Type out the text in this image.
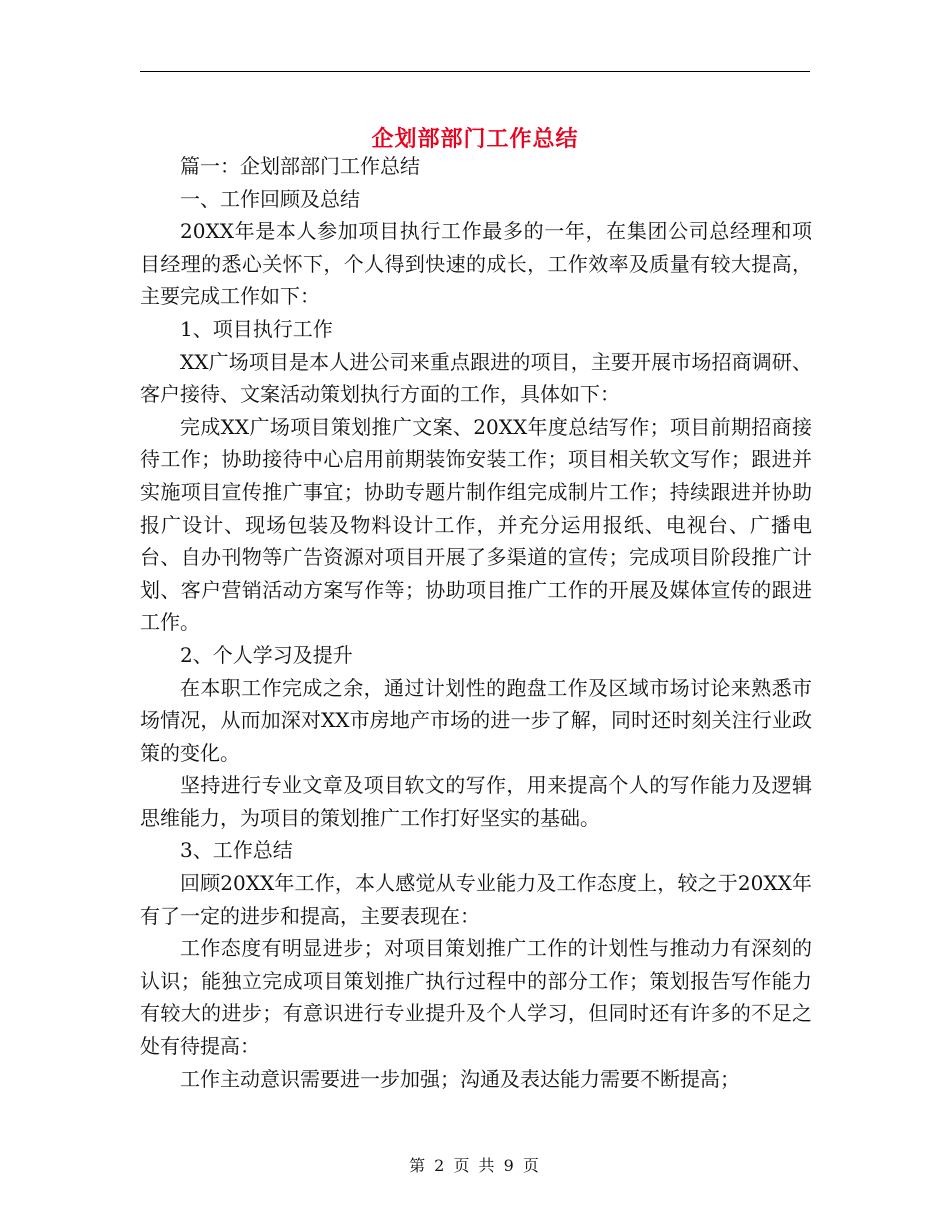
企划部部门工作总结

篇一：企划部部门工作总结

一、工作回顾及总结

20XX年是本人参加项目执行工作最多的一年，在集团公司总经理和项目经理的悉心关怀下，个人得到快速的成长，工作效率及质量有较大提高，主要完成工作如下：

1、项目执行工作

XX广场项目是本人进公司来重点跟进的项目，主要开展市场招商调研、客户接待、文案活动策划执行方面的工作，具体如下：

完成XX广场项目策划推广文案、20XX年度总结写作；项目前期招商接待工作；协助接待中心启用前期装饰安装工作；项目相关软文写作；跟进并实施项目宣传推广事宜；协助专题片制作组完成制片工作；持续跟进并协助报广设计、现场包装及物料设计工作，并充分运用报纸、电视台、广播电台、自办刊物等广告资源对项目开展了多渠道的宣传；完成项目阶段推广计划、客户营销活动方案写作等；协助项目推广工作的开展及媒体宣传的跟进工作。

2、个人学习及提升

在本职工作完成之余，通过计划性的跑盘工作及区域市场讨论来熟悉市场情况，从而加深对XX市房地产市场的进一步了解，同时还时刻关注行业政策的变化。

坚持进行专业文章及项目软文的写作，用来提高个人的写作能力及逻辑思维能力，为项目的策划推广工作打好坚实的基础。

3、工作总结

回顾20XX年工作，本人感觉从专业能力及工作态度上，较之于20XX年有了一定的进步和提高，主要表现在：

工作态度有明显进步；对项目策划推广工作的计划性与推动力有深刻的认识；能独立完成项目策划推广执行过程中的部分工作；策划报告写作能力有较大的进步；有意识进行专业提升及个人学习，但同时还有许多的不足之处有待提高：

工作主动意识需要进一步加强；沟通及表达能力需要不断提高；

第 2 页 共 9 页
